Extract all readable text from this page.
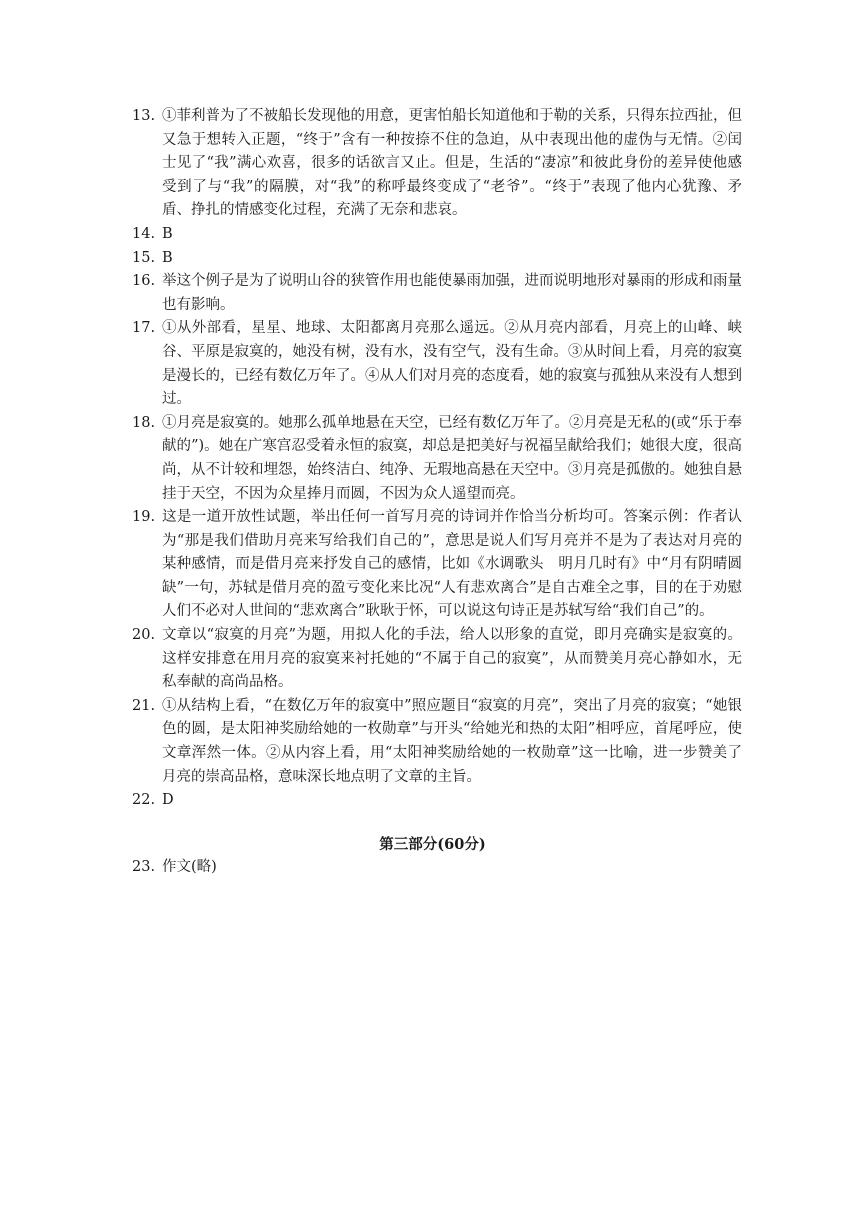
13. ①菲利普为了不被船长发现他的用意，更害怕船长知道他和于勒的关系，只得东拉西扯，但又急于想转入正题，“终于”含有一种按捺不住的急迫，从中表现出他的虚伪与无情。②闰士见了“我”满心欢喜，很多的话欲言又止。但是，生活的“凄凉”和彼此身份的差异使他感受到了与“我”的隔膜，对“我”的称呼最终变成了“老爷”。“终于”表现了他内心犹豫、矛盾、挣扎的情感变化过程，充满了无奈和悲哀。
14. B
15. B
16. 举这个例子是为了说明山谷的狭管作用也能使暴雨加强，进而说明地形对暴雨的形成和雨量也有影响。
17. ①从外部看，星星、地球、太阳都离月亮那么遥远。②从月亮内部看，月亮上的山峰、峡谷、平原是寂寞的，她没有树，没有水，没有空气，没有生命。③从时间上看，月亮的寂寞是漫长的，已经有数亿万年了。④从人们对月亮的态度看，她的寂寞与孤独从来没有人想到过。
18. ①月亮是寂寞的。她那么孤单地悬在天空，已经有数亿万年了。②月亮是无私的(或“乐于奉献的”)。她在广寒宫忍受着永恒的寂寞，却总是把美好与祝福呈献给我们；她很大度，很高尚，从不计较和埋怨，始终洁白、纯净、无瑕地高悬在天空中。③月亮是孤傲的。她独自悬挂于天空，不因为众星捧月而圆，不因为众人遥望而亮。
19. 这是一道开放性试题，举出任何一首写月亮的诗词并作恰当分析均可。答案示例：作者认为“那是我们借助月亮来写给我们自己的”，意思是说人们写月亮并不是为了表达对月亮的某种感情，而是借月亮来抒发自己的感情，比如《水调歌头　明月几时有》中“月有阴晴圆缺”一句，苏轼是借月亮的盈亏变化来比况“人有悲欢离合”是自古难全之事，目的在于劝慰人们不必对人世间的“悲欢离合”耿耿于怀，可以说这句诗正是苏轼写给“我们自己”的。
20. 文章以“寂寞的月亮”为题，用拟人化的手法，给人以形象的直觉，即月亮确实是寂寞的。这样安排意在用月亮的寂寞来衬托她的“不属于自己的寂寞”，从而赞美月亮心静如水，无私奉献的高尚品格。
21. ①从结构上看，“在数亿万年的寂寞中”照应题目“寂寞的月亮”，突出了月亮的寂寞；“她银色的圆，是太阳神奖励给她的一枚勋章”与开头“给她光和热的太阳”相呼应，首尾呼应，使文章浑然一体。②从内容上看，用“太阳神奖励给她的一枚勋章”这一比喻，进一步赞美了月亮的崇高品格，意味深长地点明了文章的主旨。
22. D
第三部分(60分)
23. 作文(略)
